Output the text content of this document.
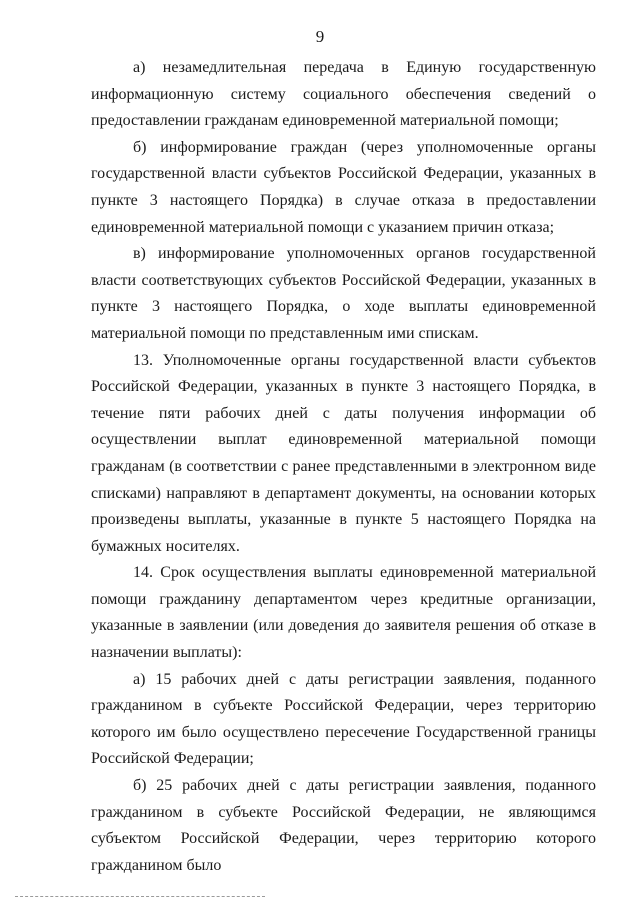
9

а) незамедлительная передача в Единую государственную информационную систему социального обеспечения сведений о предоставлении гражданам единовременной материальной помощи;

б) информирование граждан (через уполномоченные органы государственной власти субъектов Российской Федерации, указанных в пункте 3 настоящего Порядка) в случае отказа в предоставлении единовременной материальной помощи с указанием причин отказа;

в) информирование уполномоченных органов государственной власти соответствующих субъектов Российской Федерации, указанных в пункте 3 настоящего Порядка, о ходе выплаты единовременной материальной помощи по представленным ими спискам.

13. Уполномоченные органы государственной власти субъектов Российской Федерации, указанных в пункте 3 настоящего Порядка, в течение пяти рабочих дней с даты получения информации об осуществлении выплат единовременной материальной помощи гражданам (в соответствии с ранее представленными в электронном виде списками) направляют в департамент документы, на основании которых произведены выплаты, указанные в пункте 5 настоящего Порядка на бумажных носителях.

14. Срок осуществления выплаты единовременной материальной помощи гражданину департаментом через кредитные организации, указанные в заявлении (или доведения до заявителя решения об отказе в назначении выплаты):

а) 15 рабочих дней с даты регистрации заявления, поданного гражданином в субъекте Российской Федерации, через территорию которого им было осуществлено пересечение Государственной границы Российской Федерации;

б) 25 рабочих дней с даты регистрации заявления, поданного гражданином в субъекте Российской Федерации, не являющимся субъектом Российской Федерации, через территорию которого гражданином было
